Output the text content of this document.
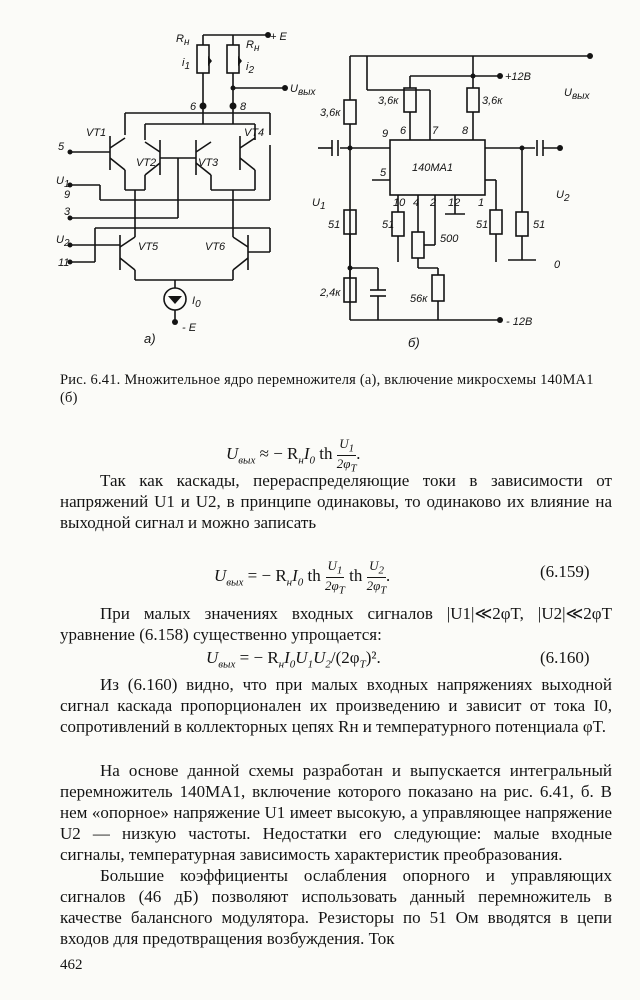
Rн	Rн
+ E
i1	i2
Uвых
6	8
VT1
VT2	VT3
VT4
5
U1
9
3
U2
11
VT5	VT6
I0
- E
а)
+12В
Uвых
3,6к
3,6к	3,6к
9 6 7 8
140МА1
5
10 4 2 12 1
U1
U2
51	51	51	51
500
0
2,4к	56к
- 12В
б)
Рис. 6.41. Множительное ядро перемножителя (а), включение микросхемы 140МА1 (б)
$U_{вых}$ ≈ − $R_нI_0$ th $\frac{U_1}{2\varphi_T}$ .

Так как каскады, перераспределяющие токи в зависимости от напряжений U1 и U2, в принципе одинаковы, то одинаково их влияние на выходной сигнал и можно записать

$U_{вых}$ = − $R_нI_0$ th $\frac{U_1}{2\varphi_T}$ th $\frac{U_2}{2\varphi_T}$ .	(6.159)

При малых значениях входных сигналов |U1|≪2φT, |U2|≪2φT уравнение (6.158) существенно упрощается:

$U_{вых}$ = − $R_нI_0U_1U_2/(2\varphi_T)^2$.	(6.160)

Из (6.160) видно, что при малых входных напряжениях выходной сигнал каскада пропорционален их произведению и зависит от тока I0, сопротивлений в коллекторных цепях Rн и температурного потенциала φT.

На основе данной схемы разработан и выпускается интегральный перемножитель 140МА1, включение которого показано на рис. 6.41, б. В нем «опорное» напряжение U1 имеет высокую, а управляющее напряжение U2 — низкую частоты. Недостатки его следующие: малые входные сигналы, температурная зависимость характеристик преобразования.

Большие коэффициенты ослабления опорного и управляющих сигналов (46 дБ) позволяют использовать данный перемножитель в качестве балансного модулятора. Резисторы по 51 Ом вводятся в цепи входов для предотвращения возбуждения. Ток

462
